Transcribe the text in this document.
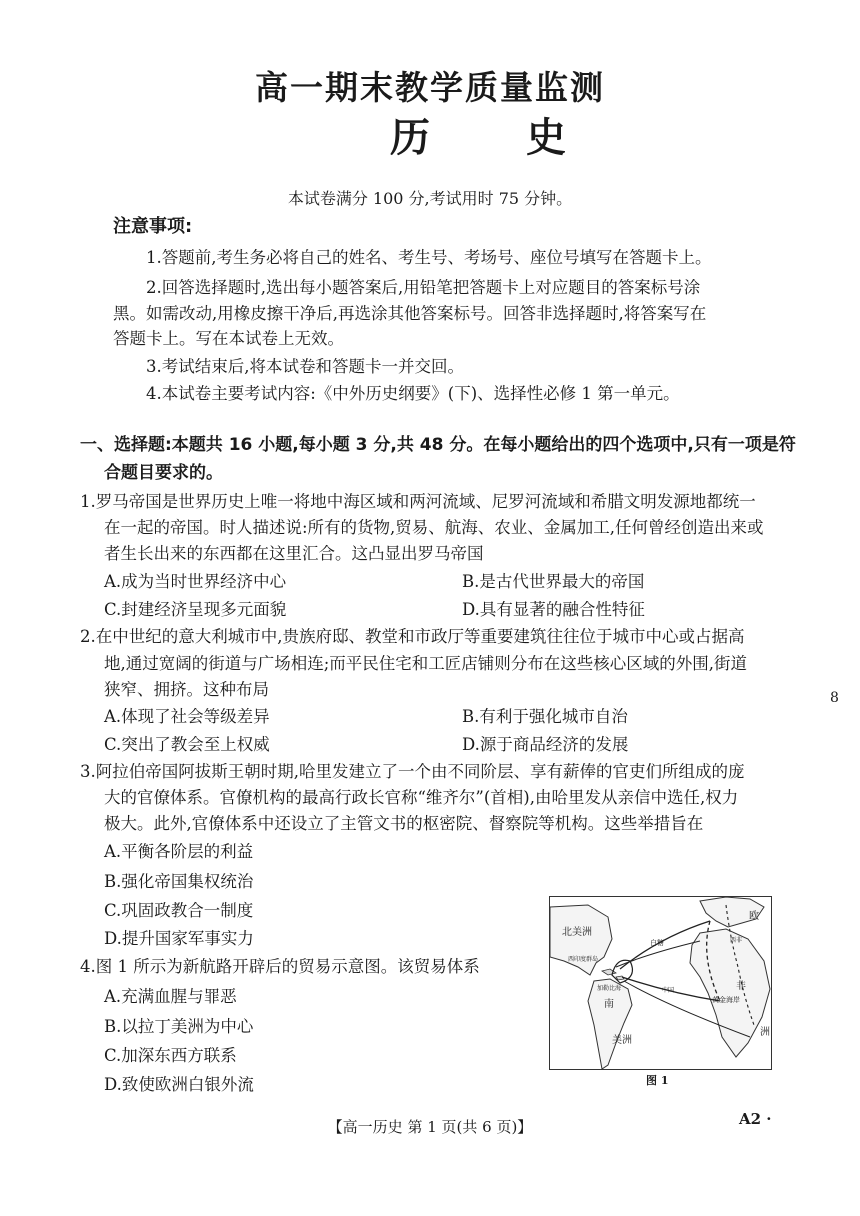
高一期末教学质量监测
历史
本试卷满分 100 分,考试用时 75 分钟。
注意事项:
1.答题前,考生务必将自己的姓名、考生号、考场号、座位号填写在答题卡上。
2.回答选择题时,选出每小题答案后,用铅笔把答题卡上对应题目的答案标号涂
黑。如需改动,用橡皮擦干净后,再选涂其他答案标号。回答非选择题时,将答案写在
答题卡上。写在本试卷上无效。
3.考试结束后,将本试卷和答题卡一并交回。
4.本试卷主要考试内容:《中外历史纲要》(下)、选择性必修 1 第一单元。
一、选择题:本题共 16 小题,每小题 3 分,共 48 分。在每小题给出的四个选项中,只有一项是符
合题目要求的。
1.罗马帝国是世界历史上唯一将地中海区域和两河流域、尼罗河流域和希腊文明发源地都统一
在一起的帝国。时人描述说:所有的货物,贸易、航海、农业、金属加工,任何曾经创造出来或
者生长出来的东西都在这里汇合。这凸显出罗马帝国
A.成为当时世界经济中心	B.是古代世界最大的帝国
C.封建经济呈现多元面貌	D.具有显著的融合性特征
2.在中世纪的意大利城市中,贵族府邸、教堂和市政厅等重要建筑往往位于城市中心或占据高
地,通过宽阔的街道与广场相连;而平民住宅和工匠店铺则分布在这些核心区域的外围,街道
狭窄、拥挤。这种布局
A.体现了社会等级差异	B.有利于强化城市自治
C.突出了教会至上权威	D.源于商品经济的发展
3.阿拉伯帝国阿拔斯王朝时期,哈里发建立了一个由不同阶层、享有薪俸的官吏们所组成的庞
大的官僚体系。官僚机构的最高行政长官称“维齐尔”(首相),由哈里发从亲信中选任,权力
极大。此外,官僚体系中还设立了主管文书的枢密院、督察院等机构。这些举措旨在
A.平衡各阶层的利益
B.强化帝国集权统治
C.巩固政教合一制度
D.提升国家军事实力
4.图 1 所示为新航路开辟后的贸易示意图。该贸易体系
A.充满血腥与罪恶
B.以拉丁美洲为中心
C.加深东西方联系
D.致使欧洲白银外流
北美洲
欧
非
南
美洲
西印度群岛
白糖
黄金海岸
洲
西非
加勒比海	中国
图 1
【高一历史 第 1 页(共 6 页)】	A2 ·
8
